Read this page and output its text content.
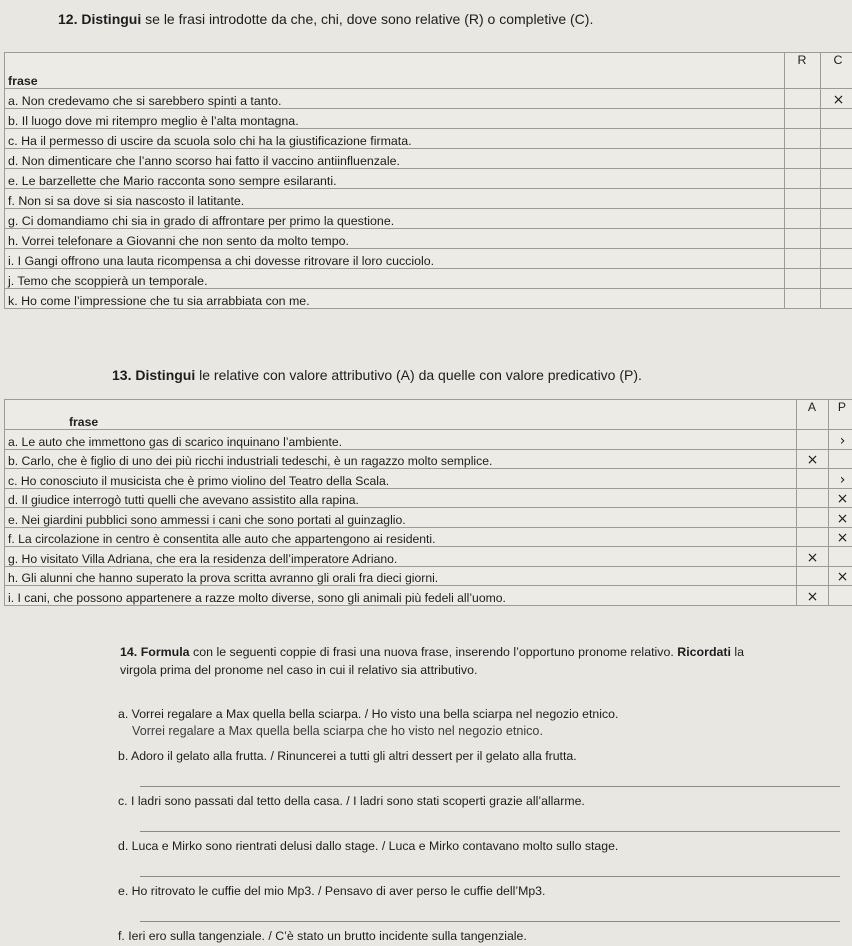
12. Distingui se le frasi introdotte da che, chi, dove sono relative (R) o completive (C).
frase	R	C
a. Non credevamo che si sarebbero spinti a tanto.		×
b. Il luogo dove mi ritempro meglio è l’alta montagna.		
c. Ha il permesso di uscire da scuola solo chi ha la giustificazione firmata.		
d. Non dimenticare che l’anno scorso hai fatto il vaccino antiinfluenzale.		
e. Le barzellette che Mario racconta sono sempre esilaranti.		
f. Non si sa dove si sia nascosto il latitante.		
g. Ci domandiamo chi sia in grado di affrontare per primo la questione.		
h. Vorrei telefonare a Giovanni che non sento da molto tempo.		
i. I Gangi offrono una lauta ricompensa a chi dovesse ritrovare il loro cucciolo.		
j. Temo che scoppierà un temporale.		
k. Ho come l’impressione che tu sia arrabbiata con me.		
13. Distingui le relative con valore attributivo (A) da quelle con valore predicativo (P).
frase	A	P
a. Le auto che immettono gas di scarico inquinano l’ambiente.		›
b. Carlo, che è figlio di uno dei più ricchi industriali tedeschi, è un ragazzo molto semplice.	×	
c. Ho conosciuto il musicista che è primo violino del Teatro della Scala.		›
d. Il giudice interrogò tutti quelli che avevano assistito alla rapina.		×
e. Nei giardini pubblici sono ammessi i cani che sono portati al guinzaglio.		×
f. La circolazione in centro è consentita alle auto che appartengono ai residenti.		×
g. Ho visitato Villa Adriana, che era la residenza dell’imperatore Adriano.	×	
h. Gli alunni che hanno superato la prova scritta avranno gli orali fra dieci giorni.		×
i. I cani, che possono appartenere a razze molto diverse, sono gli animali più fedeli all’uomo.	×	
14. Formula con le seguenti coppie di frasi una nuova frase, inserendo l’opportuno pronome relativo. Ricordati la virgola prima del pronome nel caso in cui il relativo sia attributivo.
a. Vorrei regalare a Max quella bella sciarpa. / Ho visto una bella sciarpa nel negozio etnico.
Vorrei regalare a Max quella bella sciarpa che ho visto nel negozio etnico.
b. Adoro il gelato alla frutta. / Rinuncerei a tutti gli altri dessert per il gelato alla frutta.
c. I ladri sono passati dal tetto della casa. / I ladri sono stati scoperti grazie all’allarme.
d. Luca e Mirko sono rientrati delusi dallo stage. / Luca e Mirko contavano molto sullo stage.
e. Ho ritrovato le cuffie del mio Mp3. / Pensavo di aver perso le cuffie dell’Mp3.
f. Ieri ero sulla tangenziale. / C’è stato un brutto incidente sulla tangenziale.
